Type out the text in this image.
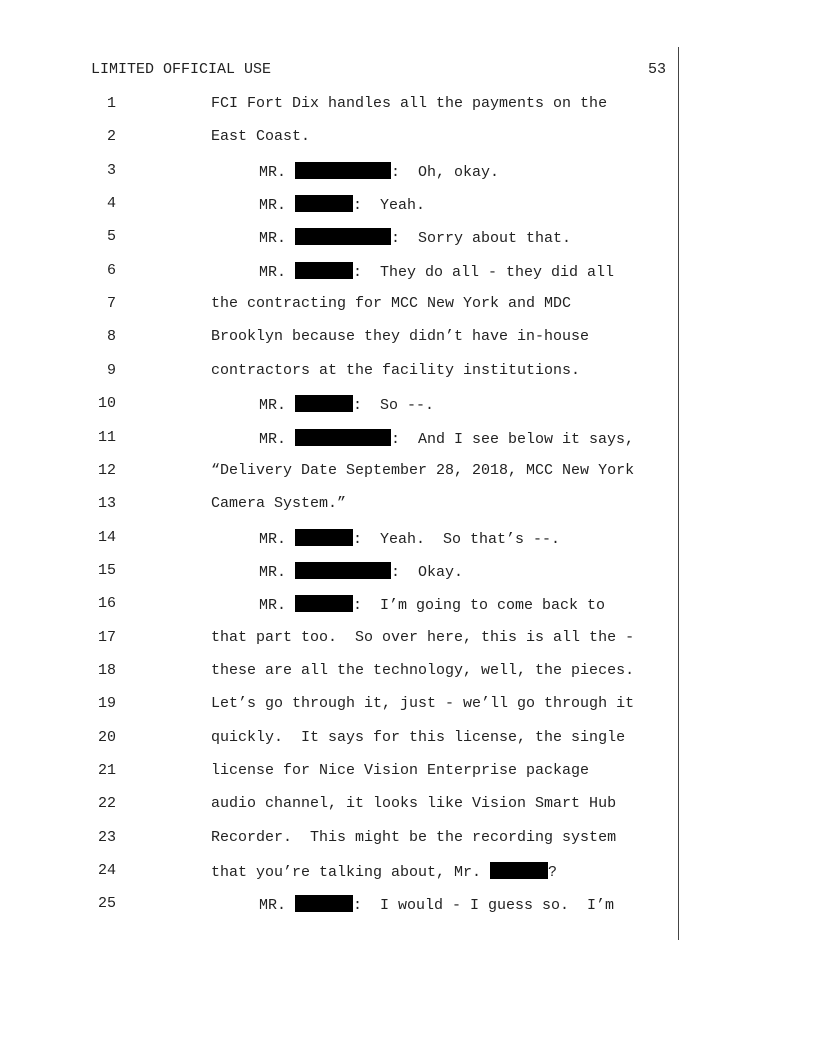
LIMITED OFFICIAL USE	53
1	FCI Fort Dix handles all the payments on the
2	East Coast.
3	MR.	:  Oh, okay.
4	MR.	:  Yeah.
5	MR.	:  Sorry about that.
6	MR.	:  They do all - they did all
7	the contracting for MCC New York and MDC
8	Brooklyn because they didn’t have in-house
9	contractors at the facility institutions.
10	MR.	:  So --.
11	MR.	:  And I see below it says,
12	“Delivery Date September 28, 2018, MCC New York
13	Camera System.”
14	MR.	:  Yeah.  So that’s --.
15	MR.	:  Okay.
16	MR.	:  I’m going to come back to
17	that part too.  So over here, this is all the -
18	these are all the technology, well, the pieces.
19	Let’s go through it, just - we’ll go through it
20	quickly.  It says for this license, the single
21	license for Nice Vision Enterprise package
22	audio channel, it looks like Vision Smart Hub
23	Recorder.  This might be the recording system
24	that you’re talking about, Mr.	?
25	MR.	:  I would - I guess so.  I’m
